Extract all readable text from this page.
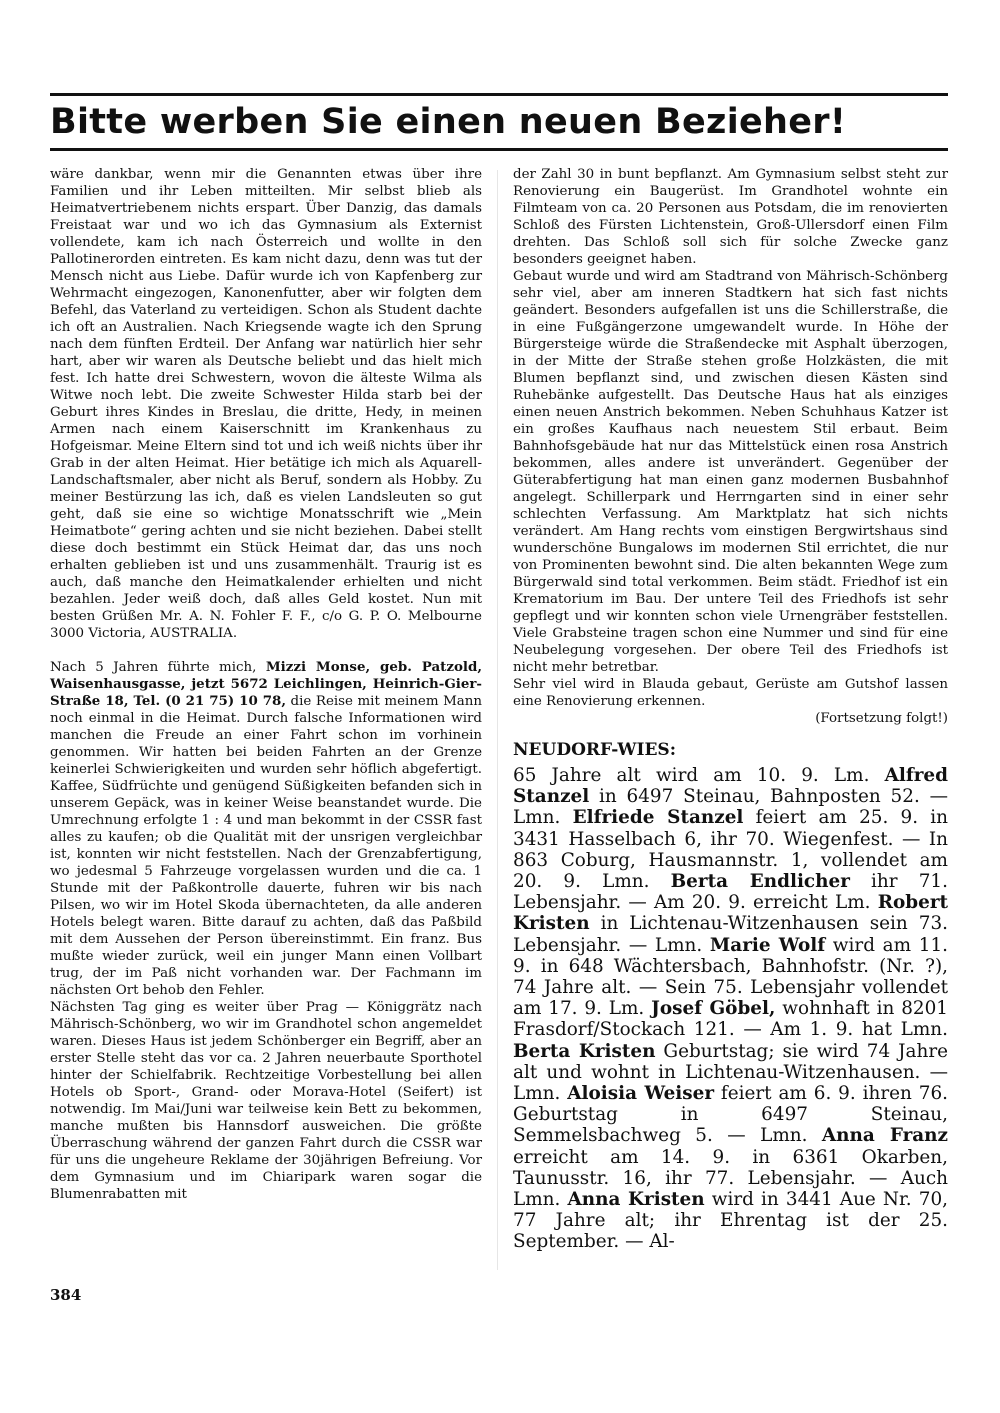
Bitte werben Sie einen neuen Bezieher!

wäre dankbar, wenn mir die Genannten etwas über ihre Familien und ihr Leben mitteilten. Mir selbst blieb als Heimatvertriebenem nichts erspart. Über Danzig, das damals Freistaat war und wo ich das Gymnasium als Externist vollendete, kam ich nach Österreich und wollte in den Pallotinerorden eintreten. Es kam nicht dazu, denn was tut der Mensch nicht aus Liebe. Dafür wurde ich von Kapfenberg zur Wehrmacht eingezogen, Kanonenfutter, aber wir folgten dem Befehl, das Vaterland zu verteidigen. Schon als Student dachte ich oft an Australien. Nach Kriegsende wagte ich den Sprung nach dem fünften Erdteil. Der Anfang war natürlich hier sehr hart, aber wir waren als Deutsche beliebt und das hielt mich fest. Ich hatte drei Schwestern, wovon die älteste Wilma als Witwe noch lebt. Die zweite Schwester Hilda starb bei der Geburt ihres Kindes in Breslau, die dritte, Hedy, in meinen Armen nach einem Kaiserschnitt im Krankenhaus zu Hofgeismar. Meine Eltern sind tot und ich weiß nichts über ihr Grab in der alten Heimat. Hier betätige ich mich als Aquarell-Landschaftsmaler, aber nicht als Beruf, sondern als Hobby. Zu meiner Bestürzung las ich, daß es vielen Landsleuten so gut geht, daß sie eine so wichtige Monatsschrift wie „Mein Heimatbote“ gering achten und sie nicht beziehen. Dabei stellt diese doch bestimmt ein Stück Heimat dar, das uns noch erhalten geblieben ist und uns zusammenhält. Traurig ist es auch, daß manche den Heimatkalender erhielten und nicht bezahlen. Jeder weiß doch, daß alles Geld kostet. Nun mit besten Grüßen Mr. A. N. Fohler F. F., c/o G. P. O. Melbourne 3000 Victoria, AUSTRALIA.

Nach 5 Jahren führte mich, Mizzi Monse, geb. Patzold, Waisenhausgasse, jetzt 5672 Leichlingen, Heinrich-Gier-Straße 18, Tel. (0 21 75) 10 78, die Reise mit meinem Mann noch einmal in die Heimat. Durch falsche Informationen wird manchen die Freude an einer Fahrt schon im vorhinein genommen. Wir hatten bei beiden Fahrten an der Grenze keinerlei Schwierigkeiten und wurden sehr höflich abgefertigt. Kaffee, Südfrüchte und genügend Süßigkeiten befanden sich in unserem Gepäck, was in keiner Weise beanstandet wurde. Die Umrechnung erfolgte 1 : 4 und man bekommt in der CSSR fast alles zu kaufen; ob die Qualität mit der unsrigen vergleichbar ist, konnten wir nicht feststellen. Nach der Grenzabfertigung, wo jedesmal 5 Fahrzeuge vorgelassen wurden und die ca. 1 Stunde mit der Paßkontrolle dauerte, fuhren wir bis nach Pilsen, wo wir im Hotel Skoda übernachteten, da alle anderen Hotels belegt waren. Bitte darauf zu achten, daß das Paßbild mit dem Aussehen der Person übereinstimmt. Ein franz. Bus mußte wieder zurück, weil ein junger Mann einen Vollbart trug, der im Paß nicht vorhanden war. Der Fachmann im nächsten Ort behob den Fehler.

Nächsten Tag ging es weiter über Prag — Königgrätz nach Mährisch-Schönberg, wo wir im Grandhotel schon angemeldet waren. Dieses Haus ist jedem Schönberger ein Begriff, aber an erster Stelle steht das vor ca. 2 Jahren neuerbaute Sporthotel hinter der Schielfabrik. Rechtzeitige Vorbestellung bei allen Hotels ob Sport-, Grand- oder Morava-Hotel (Seifert) ist notwendig. Im Mai/Juni war teilweise kein Bett zu bekommen, manche mußten bis Hannsdorf ausweichen. Die größte Überraschung während der ganzen Fahrt durch die CSSR war für uns die ungeheure Reklame der 30jährigen Befreiung. Vor dem Gymnasium und im Chiaripark waren sogar die Blumenrabatten mit

der Zahl 30 in bunt bepflanzt. Am Gymnasium selbst steht zur Renovierung ein Baugerüst. Im Grandhotel wohnte ein Filmteam von ca. 20 Personen aus Potsdam, die im renovierten Schloß des Fürsten Lichtenstein, Groß-Ullersdorf einen Film drehten. Das Schloß soll sich für solche Zwecke ganz besonders geeignet haben.

Gebaut wurde und wird am Stadtrand von Mährisch-Schönberg sehr viel, aber am inneren Stadtkern hat sich fast nichts geändert. Besonders aufgefallen ist uns die Schillerstraße, die in eine Fußgängerzone umgewandelt wurde. In Höhe der Bürgersteige würde die Straßendecke mit Asphalt überzogen, in der Mitte der Straße stehen große Holzkästen, die mit Blumen bepflanzt sind, und zwischen diesen Kästen sind Ruhebänke aufgestellt. Das Deutsche Haus hat als einziges einen neuen Anstrich bekommen. Neben Schuhhaus Katzer ist ein großes Kaufhaus nach neuestem Stil erbaut. Beim Bahnhofsgebäude hat nur das Mittelstück einen rosa Anstrich bekommen, alles andere ist unverändert. Gegenüber der Güterabfertigung hat man einen ganz modernen Busbahnhof angelegt. Schillerpark und Herrngarten sind in einer sehr schlechten Verfassung. Am Marktplatz hat sich nichts verändert. Am Hang rechts vom einstigen Bergwirtshaus sind wunderschöne Bungalows im modernen Stil errichtet, die nur von Prominenten bewohnt sind. Die alten bekannten Wege zum Bürgerwald sind total verkommen. Beim städt. Friedhof ist ein Krematorium im Bau. Der untere Teil des Friedhofs ist sehr gepflegt und wir konnten schon viele Urnengräber feststellen. Viele Grabsteine tragen schon eine Nummer und sind für eine Neubelegung vorgesehen. Der obere Teil des Friedhofs ist nicht mehr betretbar.

Sehr viel wird in Blauda gebaut, Gerüste am Gutshof lassen eine Renovierung erkennen.

(Fortsetzung folgt!)

NEUDORF-WIES:

65 Jahre alt wird am 10. 9. Lm. Alfred Stanzel in 6497 Steinau, Bahnposten 52. — Lmn. Elfriede Stanzel feiert am 25. 9. in 3431 Hasselbach 6, ihr 70. Wiegenfest. — In 863 Coburg, Hausmannstr. 1, vollendet am 20. 9. Lmn. Berta Endlicher ihr 71. Lebensjahr. — Am 20. 9. erreicht Lm. Robert Kristen in Lichtenau-Witzenhausen sein 73. Lebensjahr. — Lmn. Marie Wolf wird am 11. 9. in 648 Wächtersbach, Bahnhofstr. (Nr. ?), 74 Jahre alt. — Sein 75. Lebensjahr vollendet am 17. 9. Lm. Josef Göbel, wohnhaft in 8201 Frasdorf/Stockach 121. — Am 1. 9. hat Lmn. Berta Kristen Geburtstag; sie wird 74 Jahre alt und wohnt in Lichtenau-Witzenhausen. — Lmn. Aloisia Weiser feiert am 6. 9. ihren 76. Geburtstag in 6497 Steinau, Semmelsbachweg 5. — Lmn. Anna Franz erreicht am 14. 9. in 6361 Okarben, Taunusstr. 16, ihr 77. Lebensjahr. — Auch Lmn. Anna Kristen wird in 3441 Aue Nr. 70, 77 Jahre alt; ihr Ehrentag ist der 25. September. — Al-

384
